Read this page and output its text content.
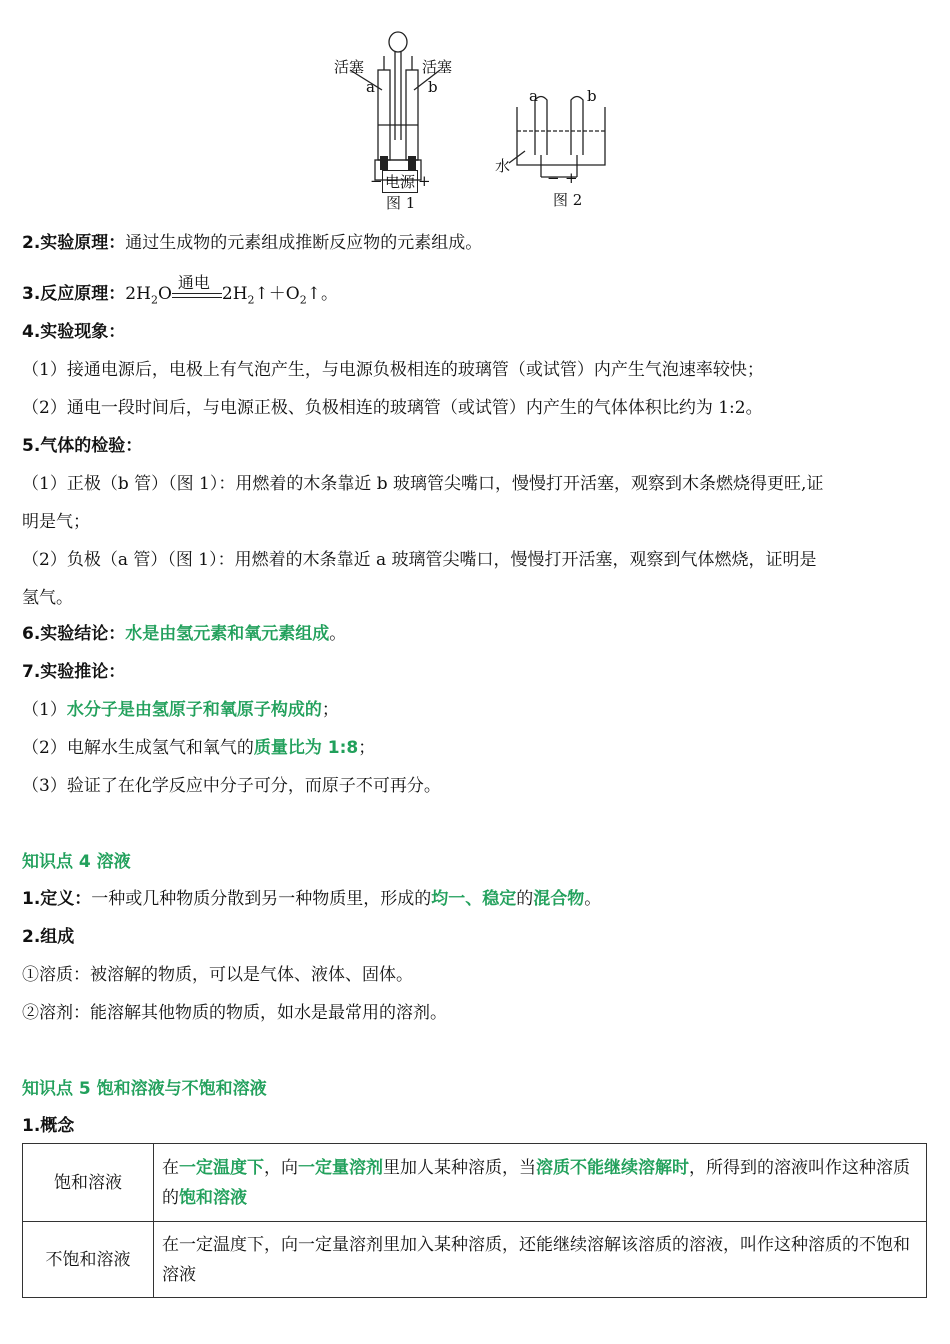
活塞	活塞
a	b
− 电源 +
图 1
a	b
水
− +
图 2
2.实验原理：通过生成物的元素组成推断反应物的元素组成。
3.反应原理：$2H_2O$
通电
$2H_2↑+O_2↑$。
4.实验现象：
（1）接通电源后，电极上有气泡产生，与电源负极相连的玻璃管（或试管）内产生气泡速率较快；
（2）通电一段时间后，与电源正极、负极相连的玻璃管（或试管）内产生的气体体积比约为 1:2。
5.气体的检验：
（1）正极（b 管）（图 1）：用燃着的木条靠近 b 玻璃管尖嘴口，慢慢打开活塞，观察到木条燃烧得更旺,证
明是气；
（2）负极（a 管）（图 1）：用燃着的木条靠近 a 玻璃管尖嘴口，慢慢打开活塞，观察到气体燃烧，证明是
氢气。
6.实验结论：水是由氢元素和氧元素组成。
7.实验推论：
（1）水分子是由氢原子和氧原子构成的；
（2）电解水生成氢气和氧气的质量比为 1:8；
（3）验证了在化学反应中分子可分，而原子不可再分。
知识点 4 溶液
1.定义：一种或几种物质分散到另一种物质里，形成的均一、稳定的混合物。
2.组成
①溶质：被溶解的物质，可以是气体、液体、固体。
②溶剂：能溶解其他物质的物质，如水是最常用的溶剂。
知识点 5 饱和溶液与不饱和溶液
1.概念
饱和溶液	在一定温度下，向一定量溶剂里加人某种溶质，当溶质不能继续溶解时，所得到的溶液叫作这种溶质的饱和溶液
不饱和溶液	在一定温度下，向一定量溶剂里加入某种溶质，还能继续溶解该溶质的溶液，叫作这种溶质的不饱和溶液
